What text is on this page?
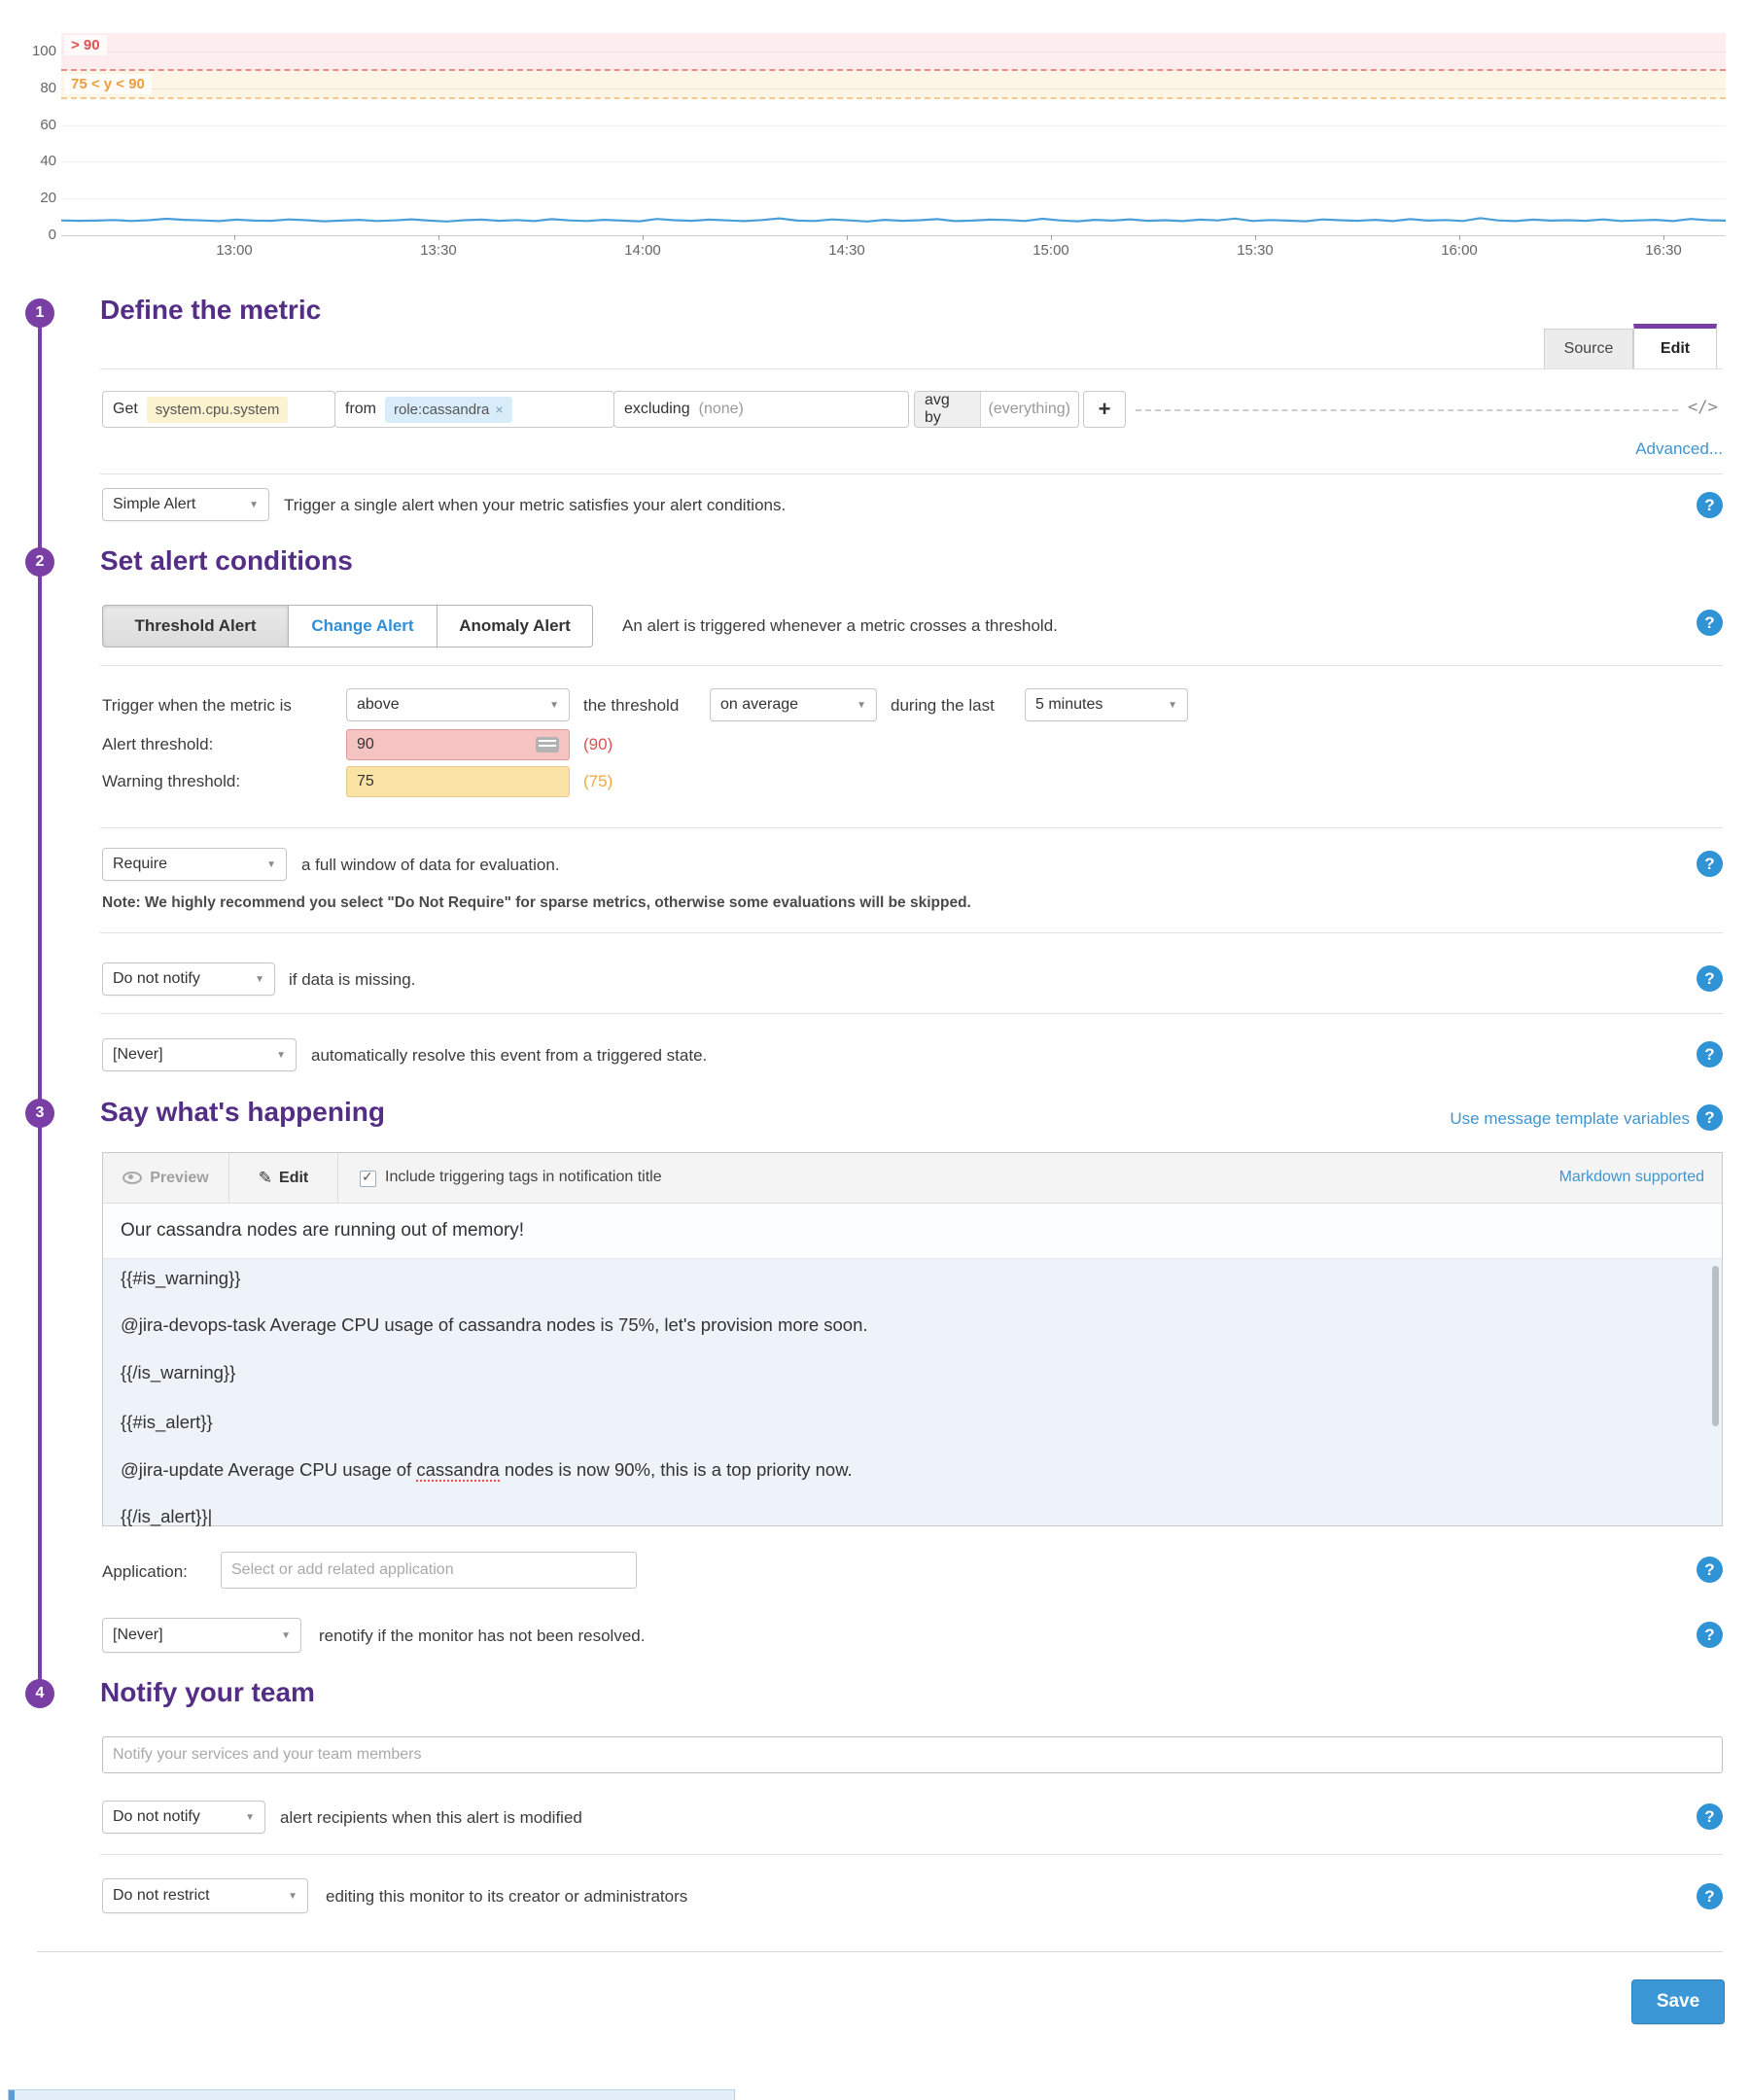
> 90
75 < y < 90
100
80
60
40
20
0
13:00	13:30	14:00	14:30	15:00	15:30	16:00	16:30
1
2
3
4
Define the metric
Source	Edit
Get	system.cpu.system	from	role:cassandra ×	excluding (none)
avg by
(everything)	+	</>
Advanced...
Simple Alert	▼ Trigger a single alert when your metric satisfies your alert conditions.	?
Set alert conditions
Threshold Alert	Change Alert	Anomaly Alert	An alert is triggered whenever a metric crosses a threshold.	?
Trigger when the metric is	above	▼ the threshold	on average	▼ during the last	5 minutes	▼
Alert threshold:	90	(90)
Warning threshold:	75	(75)
Require	▼ a full window of data for evaluation.	?
Note: We highly recommend you select "Do Not Require" for sparse metrics, otherwise some evaluations will be skipped.
Do not notify	▼ if data is missing.	?
[Never]	▼ automatically resolve this event from a triggered state.	?
Say what's happening	Use message template variables ?
Preview	✎ Edit ✓	Include triggering tags in notification title	Markdown supported
Our cassandra nodes are running out of memory!
{{#is_warning}}
@jira-devops-task Average CPU usage of cassandra nodes is 75%, let's provision more soon.
{{/is_warning}}
{{#is_alert}}
@jira-update Average CPU usage of cassandra nodes is now 90%, this is a top priority now.
{{/is_alert}}|
Application:	Select or add related application	?
[Never]	▼ renotify if the monitor has not been resolved.	?
Notify your team
Notify your services and your team members
Do not notify	▼ alert recipients when this alert is modified	?
Do not restrict	▼ editing this monitor to its creator or administrators	?
Save
